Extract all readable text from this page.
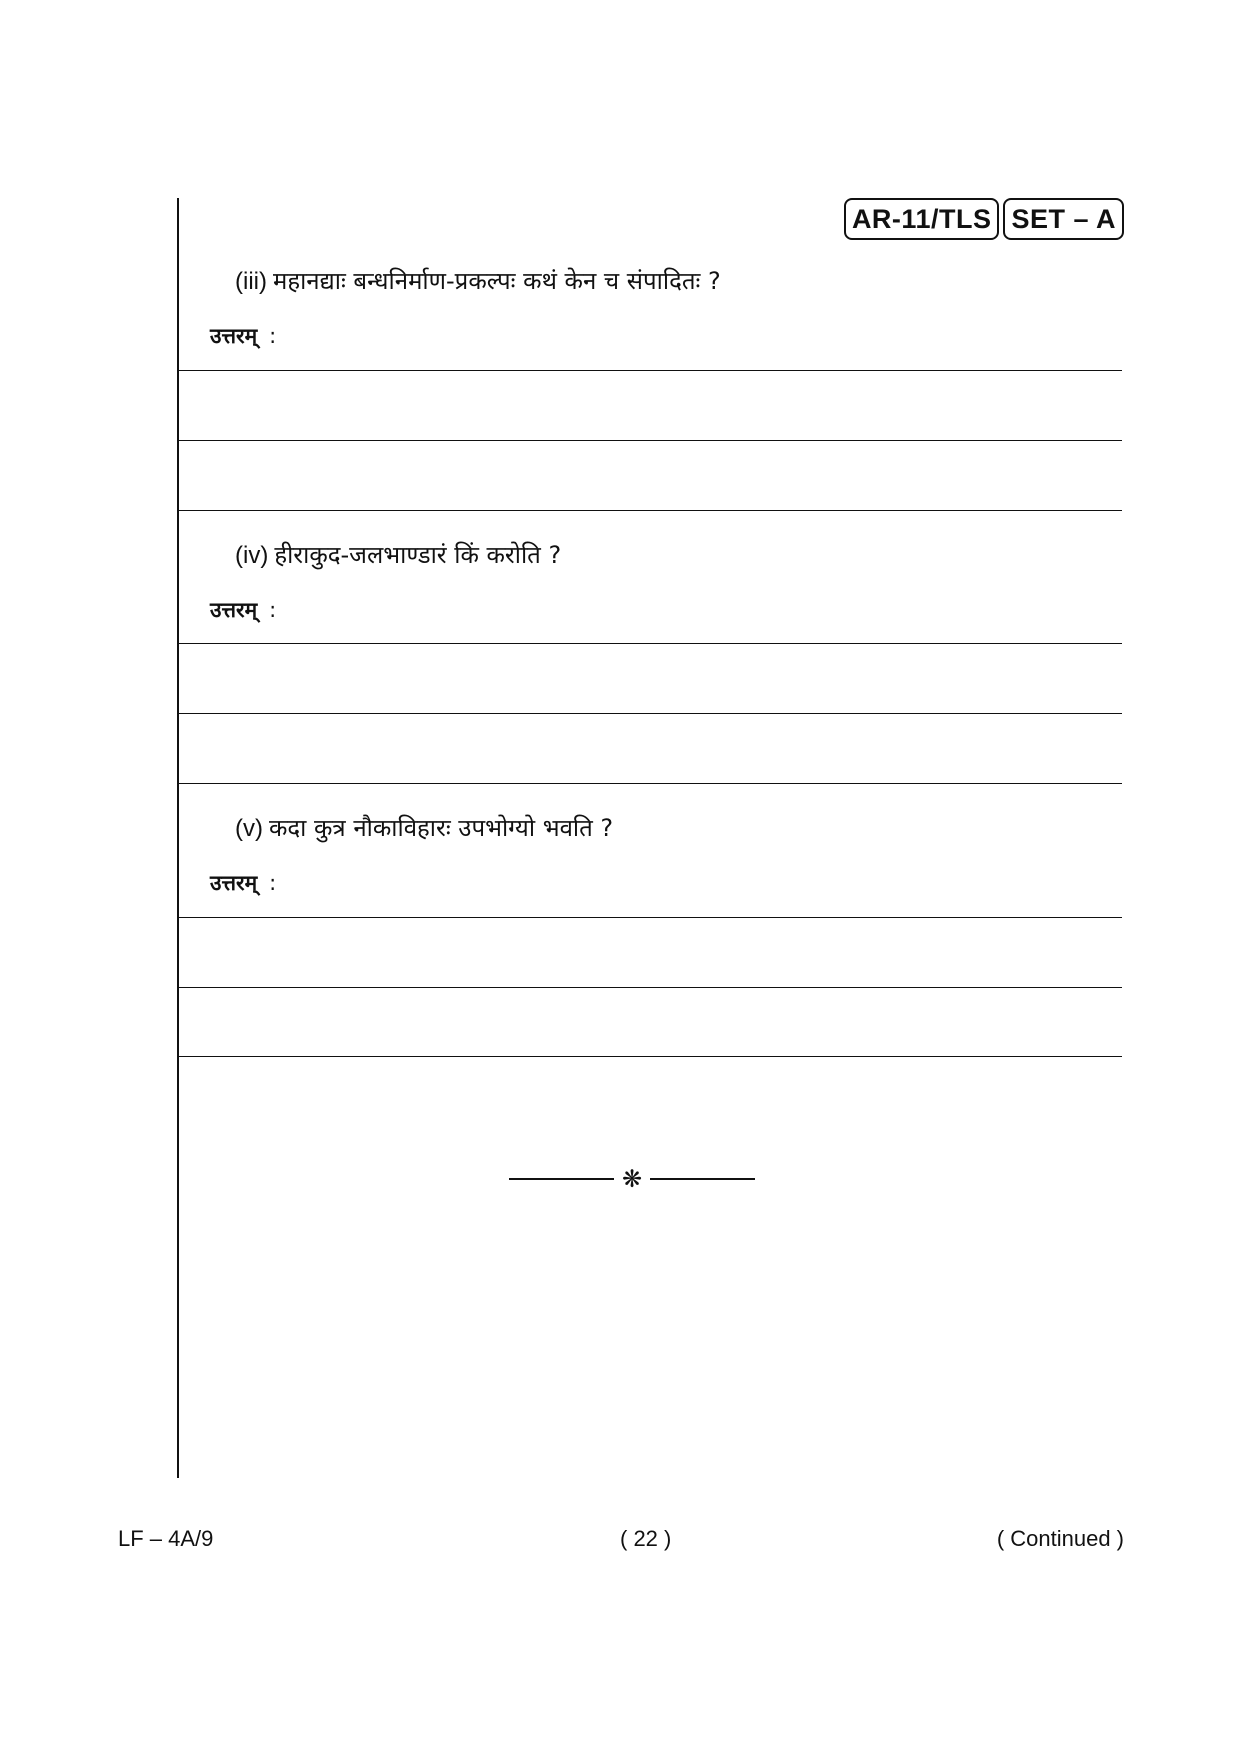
AR-11/TLS SET – A
(iii) महानद्याः बन्धनिर्माण-प्रकल्पः कथं केन च संपादितः ?
उत्तरम् :
(iv) हीराकुद-जलभाण्डारं किं करोति ?
उत्तरम् :
(v) कदा कुत्र नौकाविहारः उपभोग्यो भवति ?
उत्तरम् :
❋
LF – 4A/9	( 22 )	( Continued )
